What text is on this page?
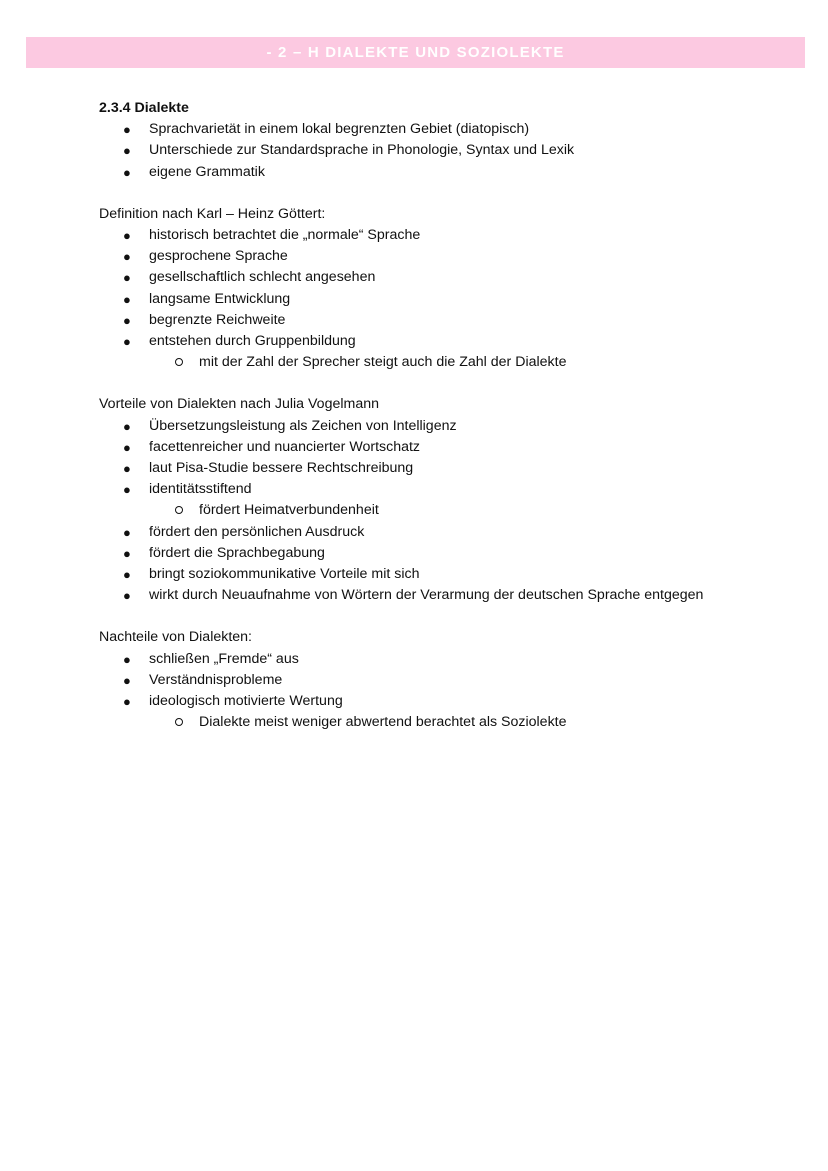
- 2 – H DIALEKTE UND SOZIOLEKTE

2.3.4 Dialekte

● Sprachvarietät in einem lokal begrenzten Gebiet (diatopisch)
● Unterschiede zur Standardsprache in Phonologie, Syntax und Lexik
● eigene Grammatik

Definition nach Karl – Heinz Göttert:

● historisch betrachtet die „normale“ Sprache
● gesprochene Sprache
● gesellschaftlich schlecht angesehen
● langsame Entwicklung
● begrenzte Reichweite
● entstehen durch Gruppenbildung
mit der Zahl der Sprecher steigt auch die Zahl der Dialekte

Vorteile von Dialekten nach Julia Vogelmann

● Übersetzungsleistung als Zeichen von Intelligenz
● facettenreicher und nuancierter Wortschatz
● laut Pisa-Studie bessere Rechtschreibung
● identitätsstiftend
fördert Heimatverbundenheit
● fördert den persönlichen Ausdruck
● fördert die Sprachbegabung
● bringt soziokommunikative Vorteile mit sich
● wirkt durch Neuaufnahme von Wörtern der Verarmung der deutschen Sprache entgegen

Nachteile von Dialekten:

● schließen „Fremde“ aus
● Verständnisprobleme
● ideologisch motivierte Wertung
Dialekte meist weniger abwertend berachtet als Soziolekte
